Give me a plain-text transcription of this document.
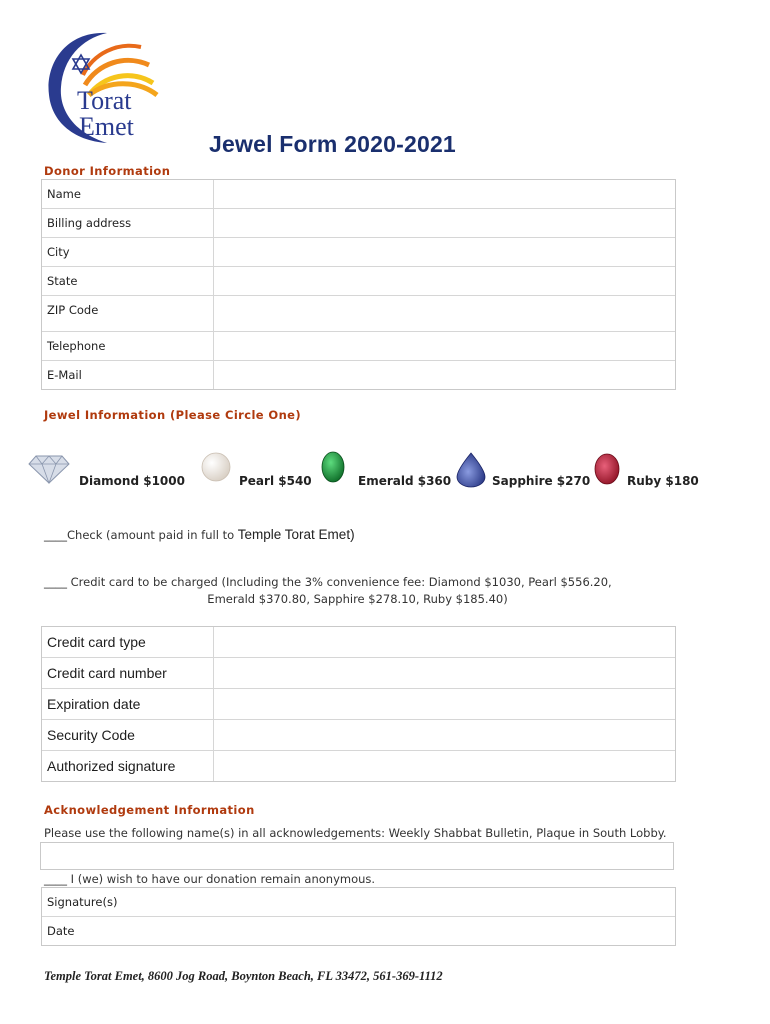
Torat
Emet
Jewel Form 2020-2021
Donor Information
Name
Billing address
City
State
ZIP Code
Telephone
E-Mail
Jewel Information (Please Circle One)
Diamond $1000	Pearl $540	Emerald $360	Sapphire $270	Ruby $180
____Check (amount paid in full to Temple Torat Emet)
____ Credit card to be charged (Including the 3% convenience fee: Diamond $1030, Pearl $556.20,
Emerald $370.80, Sapphire $278.10, Ruby $185.40)
Credit card type
Credit card number
Expiration date
Security Code
Authorized signature
Acknowledgement Information
Please use the following name(s) in all acknowledgements: Weekly Shabbat Bulletin, Plaque in South Lobby.
____ I (we) wish to have our donation remain anonymous.
Signature(s)
Date
Temple Torat Emet, 8600 Jog Road, Boynton Beach, FL 33472, 561-369-1112
